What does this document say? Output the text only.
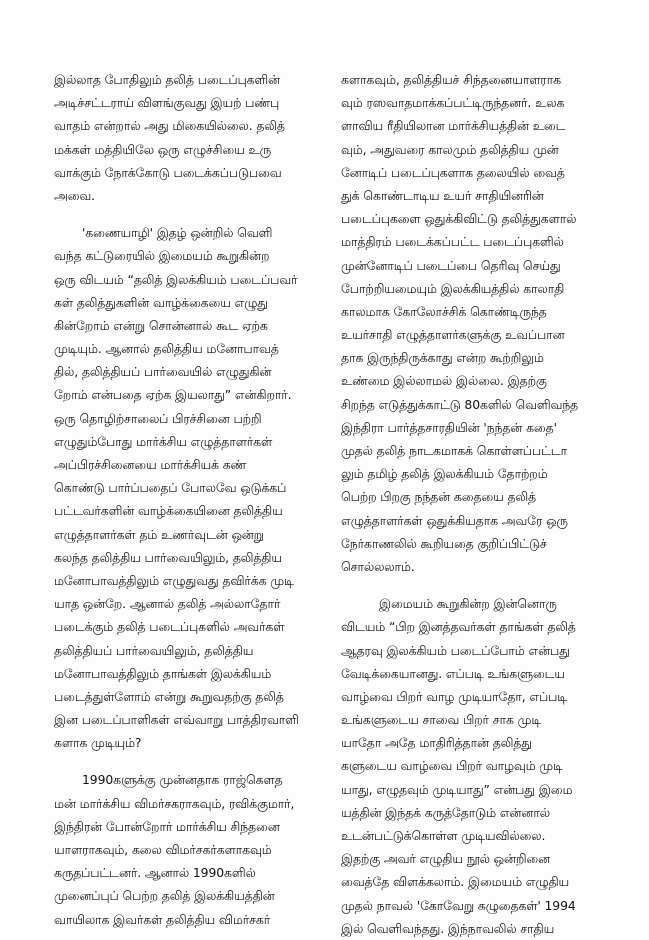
இல்லாத போதிலும் தலித் படைப்புகளின்
அடிச்சட்டராய் விளங்குவது இயற் பண்பு
வாதம் என்றால் அது மிகையில்லை. தலித்
மக்கள் மத்தியிலே ஒரு எழுச்சியை உரு
வாக்கும் நோக்கோடு படைக்கப்படுபவை
அவை.
'கணையாழி' இதழ் ஒன்றில் வெளி
வந்த கட்டுரையில் இமையம் கூறுகின்ற
ஒரு விடயம் “தலித் இலக்கியம் படைப்பவர்
கள் தலித்துகளின் வாழ்க்கையை எழுது
கின்றோம் என்று சொன்னால் கூட ஏற்க
முடியும். ஆனால் தலித்திய மனோபாவத்
தில், தலித்தியப் பார்வையில் எழுதுகின்
றோம் என்பதை ஏற்க இயலாது” என்கிறார்.
ஒரு தொழிற்சாலைப் பிரச்சினை பற்றி
எழுதும்போது மார்க்சிய எழுத்தாளர்கள்
அப்பிரச்சினையை மார்க்சியக் கண்
கொண்டு பார்ப்பதைப் போலவே ஒடுக்கப்
பட்டவர்களின் வாழ்க்கையினை தலித்திய
எழுத்தாளர்கள் தம் உணர்வுடன் ஒன்று
கலந்த தலித்திய பார்வையிலும், தலித்திய
மனோபாவத்திலும் எழுதுவது தவிர்க்க முடி
யாத ஒன்றே. ஆனால் தலித் அல்லாதோர்
படைக்கும் தலித் படைப்புகளில் அவர்கள்
தலித்தியப் பார்வையிலும், தலித்திய
மனோபாவத்திலும் தாங்கள் இலக்கியம்
படைத்துள்ளோம் என்று கூறுவதற்கு தலித்
இன படைப்பாளிகள் எவ்வாறு பாத்திரவாளி
களாக முடியும்?
1990களுக்கு முன்னதாக ராஜ்கௌத
மன் மார்க்சிய விமர்சகராகவும், ரவிக்குமார்,
இந்திரன் போன்றோர் மார்க்சிய சிந்தனை
யாளராகவும், கலை விமர்சகர்களாகவும்
கருதப்பட்டனர். ஆனால் 1990களில்
முனைப்புப் பெற்ற தலித் இலக்கியத்தின்
வாயிலாக இவர்கள் தலித்திய விமர்சகர்
களாகவும், தலித்தியச் சிந்தனையாளராக
வும் ரஸவாதமாக்கப்பட்டிருந்தனர். உலக
ளாவிய ரீதியிலான மார்க்சியத்தின் உடை
வும், அதுவரை காலமும் தலித்திய முன்
னோடிப் படைப்புகளாக தலையில் வைத்
துக் கொண்டாடிய உயர் சாதியினரின்
படைப்புகளை ஒதுக்கிவிட்டு தலித்துகளால்
மாத்திரம் படைக்கப்பட்ட படைப்புகளில்
முன்னோடிப் படைப்பை தெரிவு செய்து
போற்றியமையும் இலக்கியத்தில் காலாதி
காலமாக கோலோச்சிக் கொண்டிருந்த
உயர்சாதி எழுத்தாளர்களுக்கு உவப்பான
தாக இருந்திருக்காது என்ற கூற்றிலும்
உண்மை இல்லாமல் இல்லை. இதற்கு
சிறந்த எடுத்துக்காட்டு 80களில் வெளிவந்த
இந்திரா பார்த்தசாரதியின் 'நந்தன் கதை'
முதல் தலித் நாடகமாகக் கொள்ளப்பட்டா
லும் தமிழ் தலித் இலக்கியம் தோற்றம்
பெற்ற பிறகு நந்தன் கதையை தலித்
எழுத்தாளர்கள் ஒதுக்கியதாக அவரே ஒரு
நேர்காணலில் கூறியதை குறிப்பிட்டுச்
சொல்லலாம்.
இமையம் கூறுகின்ற இன்னொரு
விடயம் “பிற இனத்தவர்கள் தாங்கள் தலித்
ஆதரவு இலக்கியம் படைப்போம் என்பது
வேடிக்கையானது. எப்படி உங்களுடைய
வாழ்வை பிறர் வாழ முடியாதோ, எப்படி
உங்களுடைய சாவை பிறர் சாக முடி
யாதோ அதே மாதிரித்தான் தலித்து
களுடைய வாழ்வை பிறர் வாழவும் முடி
யாது, எழுதவும் முடியாது” என்பது இமை
யத்தின் இந்தக் கருத்தோடும் என்னால்
உடன்பட்டுக்கொள்ள முடியவில்லை.
இதற்கு அவர் எழுதிய நூல் ஒன்றினை
வைத்தே விளக்கலாம். இமையம் எழுதிய
முதல் நாவல் 'கோவேறு கழுதைகள்' 1994
இல் வெளிவந்தது. இந்நாவலில் சாதிய
